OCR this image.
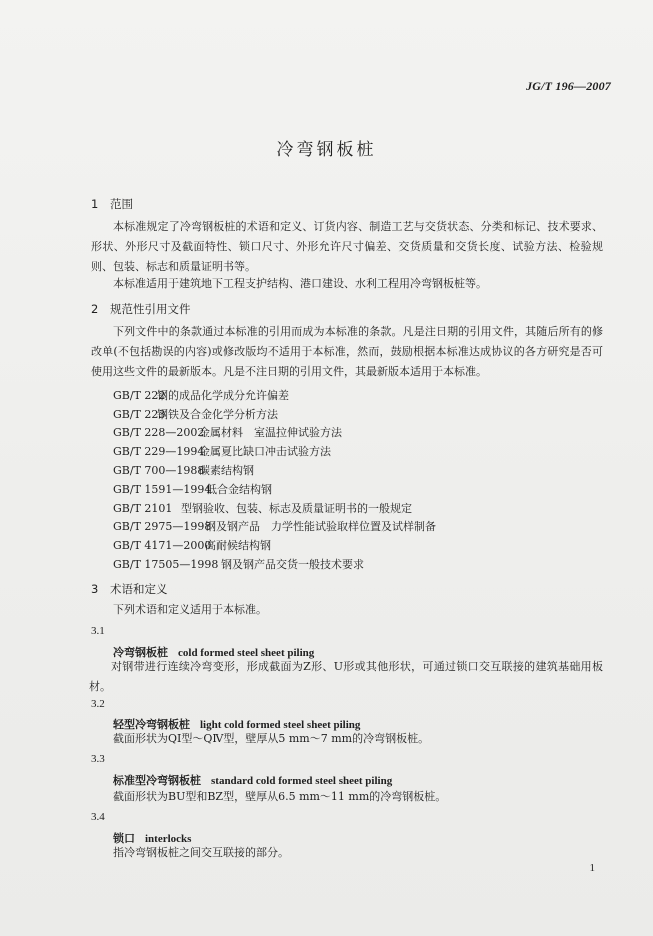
JG/T 196—2007
冷弯钢板桩
1 范围
本标准规定了冷弯钢板桩的术语和定义、订货内容、制造工艺与交货状态、分类和标记、技术要求、形状、外形尺寸及截面特性、锁口尺寸、外形允许尺寸偏差、交货质量和交货长度、试验方法、检验规则、包装、标志和质量证明书等。
本标准适用于建筑地下工程支护结构、港口建设、水利工程用冷弯钢板桩等。
2 规范性引用文件
下列文件中的条款通过本标准的引用而成为本标准的条款。凡是注日期的引用文件，其随后所有的修改单(不包括勘误的内容)或修改版均不适用于本标准，然而，鼓励根据本标准达成协议的各方研究是否可使用这些文件的最新版本。凡是不注日期的引用文件，其最新版本适用于本标准。
GB/T 222钢的成品化学成分允许偏差
GB/T 223钢铁及合金化学分析方法
GB/T 228—2002金属材料　室温拉伸试验方法
GB/T 229—1994金属夏比缺口冲击试验方法
GB/T 700—1988碳素结构钢
GB/T 1591—1994低合金结构钢
GB/T 2101 型钢验收、包装、标志及质量证明书的一般规定
GB/T 2975—1998钢及钢产品　力学性能试验取样位置及试样制备
GB/T 4171—2000高耐候结构钢
GB/T 17505—1998 钢及钢产品交货一般技术要求
3 术语和定义
下列术语和定义适用于本标准。
3.1
冷弯钢板桩 cold formed steel sheet piling
对钢带进行连续冷弯变形，形成截面为Z形、U形或其他形状，可通过锁口交互联接的建筑基础用板材。
3.2
轻型冷弯钢板桩 light cold formed steel sheet piling
截面形状为QⅠ型～QⅣ型，壁厚从5 mm～7 mm的冷弯钢板桩。
3.3
标准型冷弯钢板桩 standard cold formed steel sheet piling
截面形状为BU型和BZ型，壁厚从6.5 mm～11 mm的冷弯钢板桩。
3.4
锁口 interlocks
指冷弯钢板桩之间交互联接的部分。
1
